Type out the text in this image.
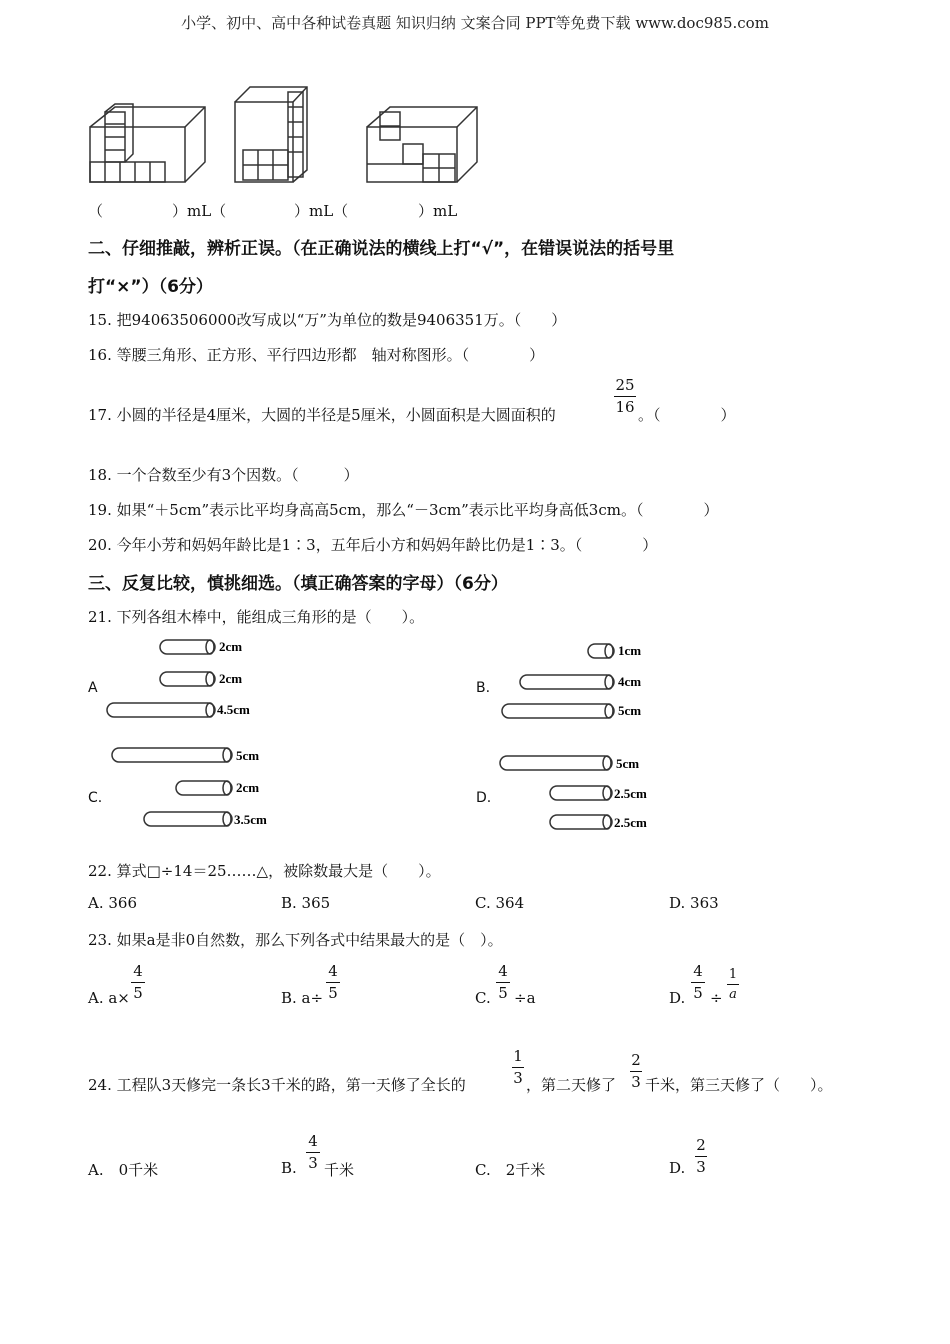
小学、初中、高中各种试卷真题 知识归纳 文案合同 PPT等免费下载 www.doc985.com
（	）mL（	）mL（	）mL
二、仔细推敲，辨析正误。（在正确说法的横线上打“√”，在错误说法的括号里
打“×”）（6分）
15. 把94063506000改写成以“万”为单位的数是9406351万。（　　）
16. 等腰三角形、正方形、平行四边形都　轴对称图形。（　　　　）
17. 小圆的半径是4厘米，大圆的半径是5厘米，小圆面积是大圆面积的
25
16 。（　　　　）
18. 一个合数至少有3个因数。（　　　）
19. 如果“＋5cm”表示比平均身高高5cm，那么“－3cm”表示比平均身高低3cm。（　　　　）
20. 今年小芳和妈妈年龄比是1∶3，五年后小方和妈妈年龄比仍是1∶3。（　　　　）
三、反复比较，慎挑细选。（填正确答案的字母）（6分）
21. 下列各组木棒中，能组成三角形的是（　　）。
A
2cm
2cm
4.5cm
B.
1cm
4cm
5cm
C.
5cm
2cm
3.5cm
D.
5cm
2.5cm
2.5cm
22. 算式□÷14＝25……△，被除数最大是（　　）。
A. 366	B. 365	C. 364	D. 363
23. 如果a是非0自然数，那么下列各式中结果最大的是（　）。
A. a×
4
5	B. a÷
4
5	C.
4
5 ÷a	D.
4
5 ÷
1
a
24. 工程队3天修完一条长3千米的路，第一天修了全长的
1
3 ，第二天修了
2
3 千米，第三天修了（　　）。
A.　0千米	B.
4
3 千米	C.　2千米	D.
2
3
